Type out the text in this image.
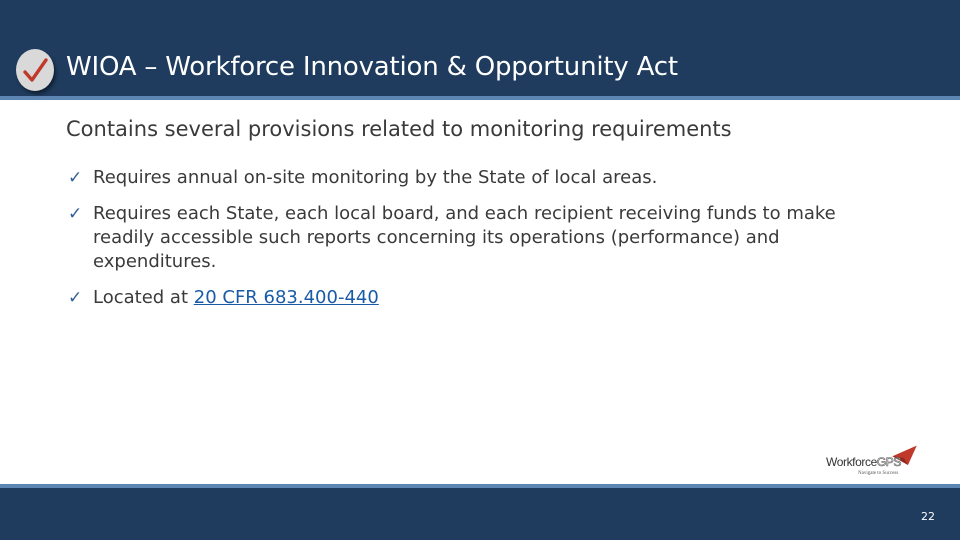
WIOA – Workforce Innovation & Opportunity Act
Contains several provisions related to monitoring requirements
✓ Requires annual on-site monitoring by the State of local areas.
✓ Requires each State, each local board, and each recipient receiving funds to make readily accessible such reports concerning its operations (performance) and expenditures.
✓ Located at 20 CFR 683.400-440
WorkforceGPS
Navigate to Success
22
